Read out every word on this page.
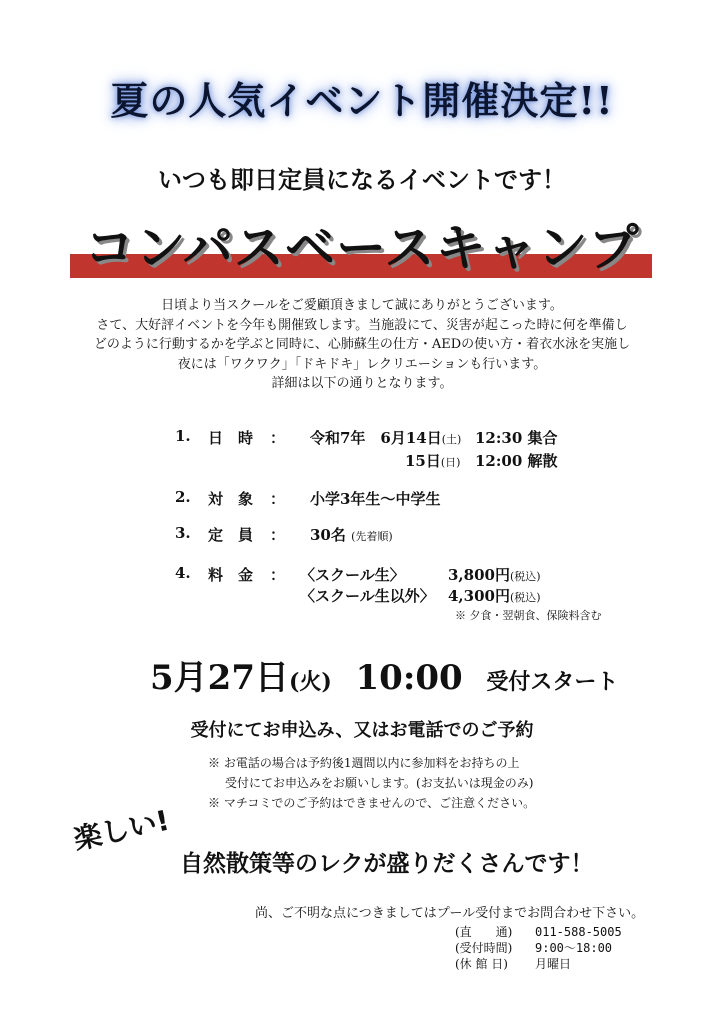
夏の人気イベント開催決定!!
いつも即日定員になるイベントです！
コンパスベースキャンプ
日頃より当スクールをご愛顧頂きまして誠にありがとうございます。
さて、大好評イベントを今年も開催致します。当施設にて、災害が起こった時に何を準備し
どのように行動するかを学ぶと同時に、心肺蘇生の仕方・AEDの使い方・着衣水泳を実施し
夜には「ワクワク」「ドキドキ」レクリエーションも行います。
詳細は以下の通りとなります。
1. 日　時 ： 令和7年　6月14日(土) 12:30 集合
15日(日) 12:00 解散
2. 対　象 ： 小学3年生～中学生
3. 定　員 ： 30名 (先着順)
4. 料　金 ： 〈スクール生〉	3,800円(税込)
〈スクール生以外〉 4,300円(税込)
※ 夕食・翌朝食、保険料含む
5月27日(火) 10:00 受付スタート
受付にてお申込み、又はお電話でのご予約
※ お電話の場合は予約後1週間以内に参加料をお持ちの上
受付にてお申込みをお願いします。(お支払いは現金のみ)
※ マチコミでのご予約はできませんので、ご注意ください。
楽しい!
自然散策等のレクが盛りだくさんです！
尚、ご不明な点につきましてはプール受付までお問合わせ下さい。
(直　　通)	011-588-5005
(受付時間)	9:00～18:00
(休 館 日)	月曜日
